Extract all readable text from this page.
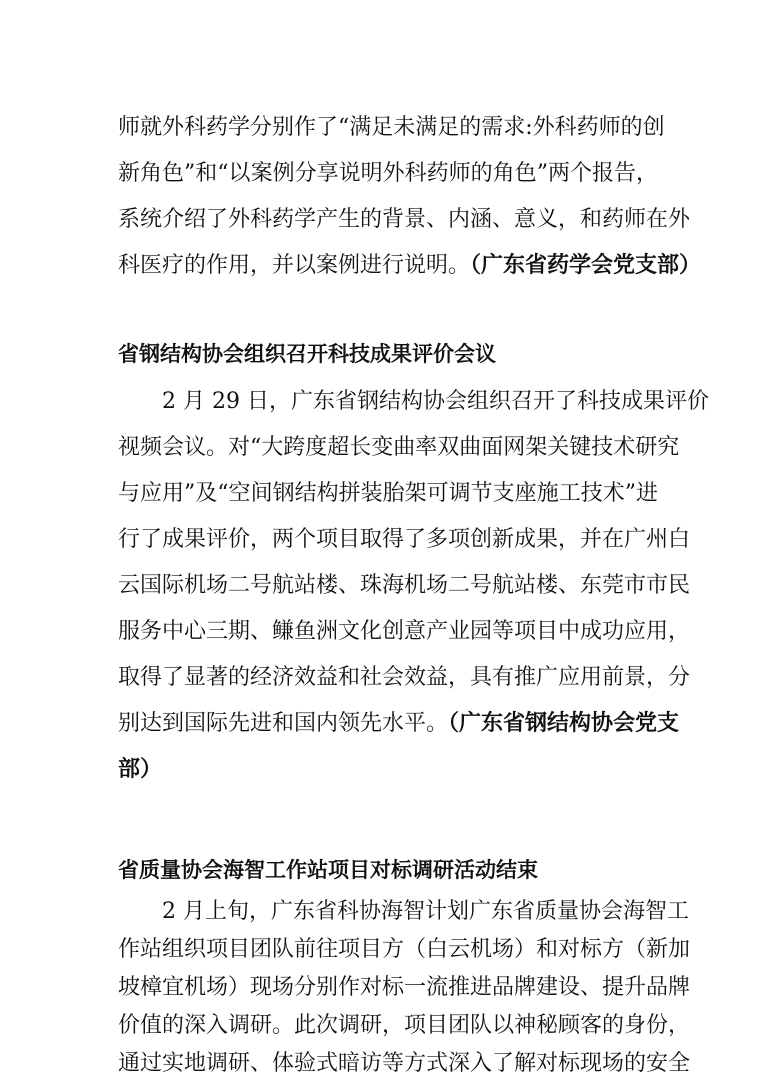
师就外科药学分别作了“满足未满足的需求:外科药师的创
新角色”和“以案例分享说明外科药师的角色”两个报告，
系统介绍了外科药学产生的背景、内涵、意义，和药师在外
科医疗的作用，并以案例进行说明。（广东省药学会党支部）
省钢结构协会组织召开科技成果评价会议
2 月 29 日，广东省钢结构协会组织召开了科技成果评价
视频会议。对“大跨度超长变曲率双曲面网架关键技术研究
与应用”及“空间钢结构拼装胎架可调节支座施工技术”进
行了成果评价，两个项目取得了多项创新成果，并在广州白
云国际机场二号航站楼、珠海机场二号航站楼、东莞市市民
服务中心三期、鳒鱼洲文化创意产业园等项目中成功应用，
取得了显著的经济效益和社会效益，具有推广应用前景，分
别达到国际先进和国内领先水平。（广东省钢结构协会党支
部）
省质量协会海智工作站项目对标调研活动结束
2 月上旬，广东省科协海智计划广东省质量协会海智工
作站组织项目团队前往项目方（白云机场）和对标方（新加
坡樟宜机场）现场分别作对标一流推进品牌建设、提升品牌
价值的深入调研。此次调研，项目团队以神秘顾客的身份，
通过实地调研、体验式暗访等方式深入了解对标现场的安全
